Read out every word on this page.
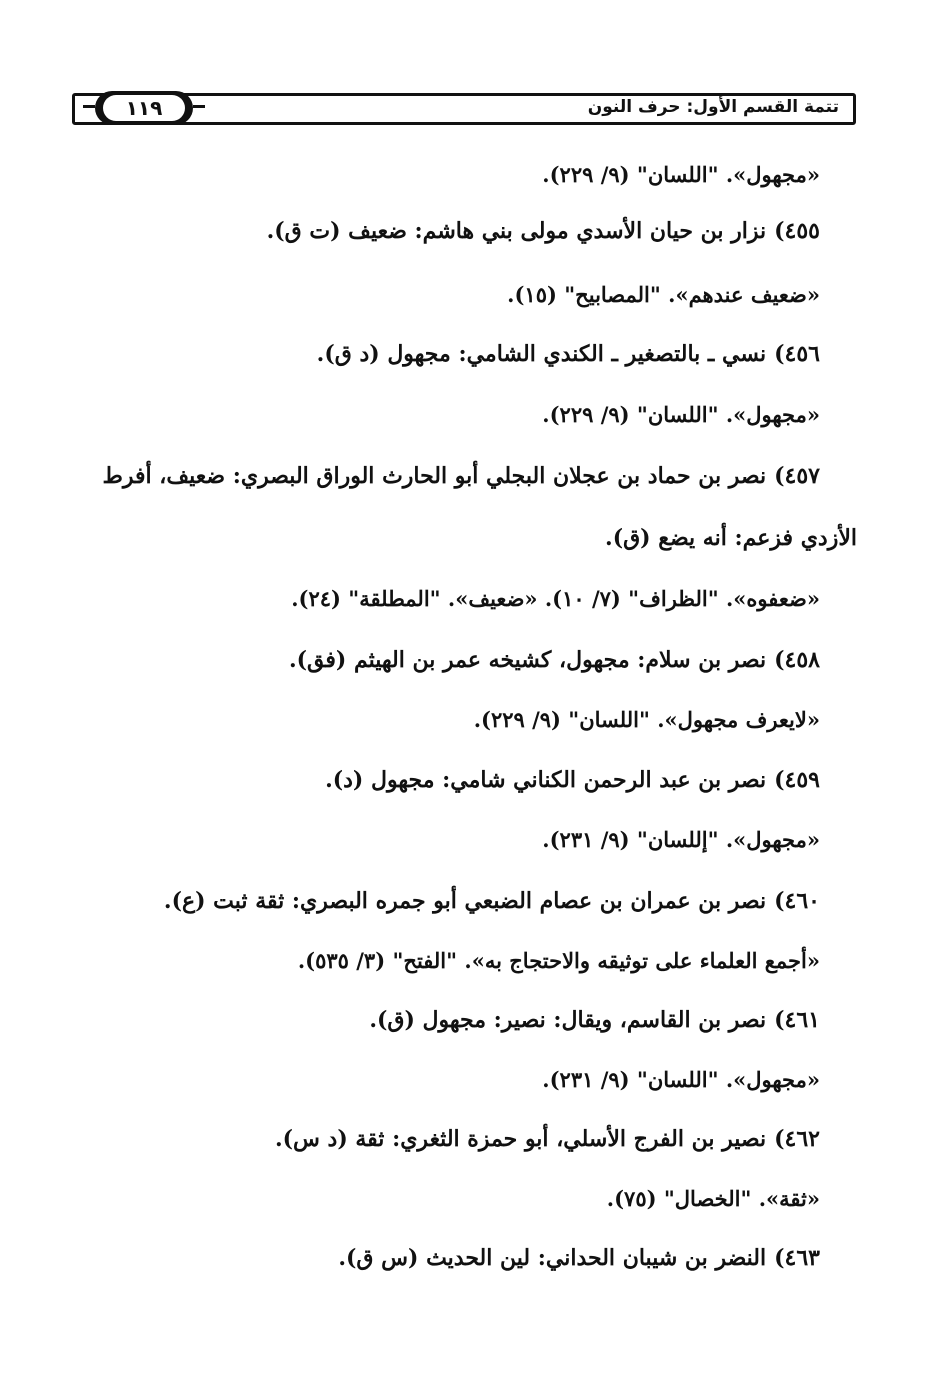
تتمة القسم الأول: حرف النون
١١٩
«مجهول». "اللسان" (٩/ ٢٢٩).
٤٥٥)نزار بن حيان الأسدي مولى بني هاشم: ضعيف (ت ق).
«ضعيف عندهم». "المصابيح" (١٥).
٤٥٦)نسي ـ بالتصغير ـ الكندي الشامي: مجهول (د ق).
«مجهول». "اللسان" (٩/ ٢٢٩).
٤٥٧)نصر بن حماد بن عجلان البجلي أبو الحارث الوراق البصري: ضعيف، أفرط
الأزدي فزعم: أنه يضع (ق).
«ضعفوه». "الظراف" (٧/ ١٠). «ضعيف». "المطلقة" (٢٤).
٤٥٨)نصر بن سلام: مجهول، كشيخه عمر بن الهيثم (فق).
«لايعرف مجهول». "اللسان" (٩/ ٢٢٩).
٤٥٩)نصر بن عبد الرحمن الكناني شامي: مجهول (د).
«مجهول». "إللسان" (٩/ ٢٣١).
٤٦٠)نصر بن عمران بن عصام الضبعي أبو جمره البصري: ثقة ثبت (ع).
«أجمع العلماء على توثيقه والاحتجاج به». "الفتح" (٣/ ٥٣٥).
٤٦١)نصر بن القاسم، ويقال: نصير: مجهول (ق).
«مجهول». "اللسان" (٩/ ٢٣١).
٤٦٢)نصير بن الفرج الأسلي، أبو حمزة الثغري: ثقة (د س).
«ثقة». "الخصال" (٧٥).
٤٦٣)النضر بن شيبان الحداني: لين الحديث (س ق).
